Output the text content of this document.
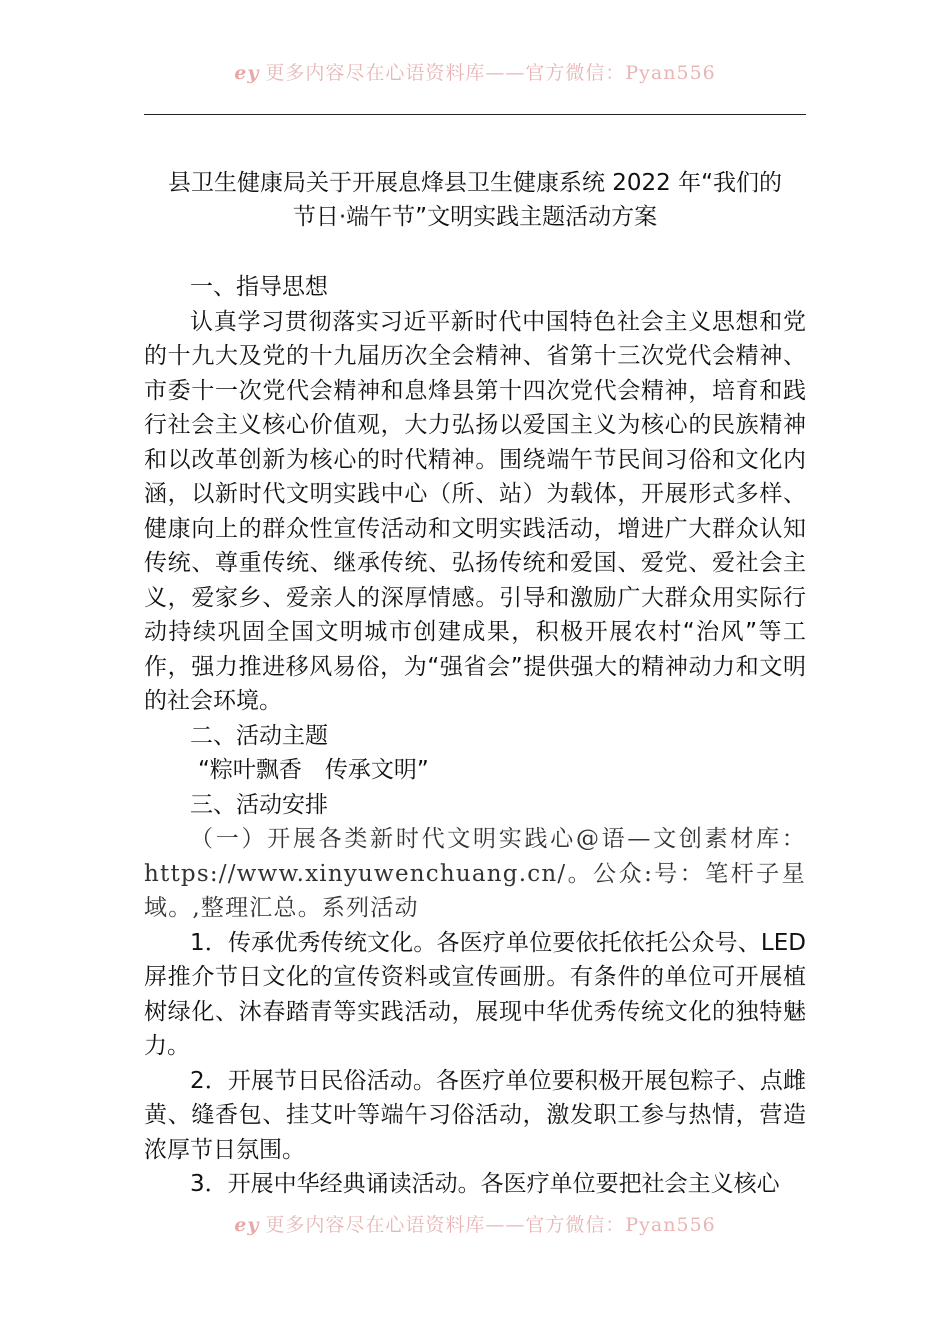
ey 更多内容尽在心语资料库——官方微信：Pyan556
县卫生健康局关于开展息烽县卫生健康系统 2022 年“我们的
节日·端午节”文明实践主题活动方案

一、指导思想

认真学习贯彻落实习近平新时代中国特色社会主义思想和党的十九大及党的十九届历次全会精神、省第十三次党代会精神、市委十一次党代会精神和息烽县第十四次党代会精神，培育和践行社会主义核心价值观，大力弘扬以爱国主义为核心的民族精神和以改革创新为核心的时代精神。围绕端午节民间习俗和文化内涵，以新时代文明实践中心（所、站）为载体，开展形式多样、健康向上的群众性宣传活动和文明实践活动，增进广大群众认知传统、尊重传统、继承传统、弘扬传统和爱国、爱党、爱社会主义，爱家乡、爱亲人的深厚情感。引导和激励广大群众用实际行动持续巩固全国文明城市创建成果，积极开展农村“治风”等工作，强力推进移风易俗，为“强省会”提供强大的精神动力和文明的社会环境。

二、活动主题

“粽叶飘香　传承文明”

三、活动安排

（一）开展各类新时代文明实践心@语—文创素材库：https://www.xinyuwenchuang.cn/。公众:号：笔杆子星域。,整理汇总。系列活动

1．传承优秀传统文化。各医疗单位要依托依托公众号、LED 屏推介节日文化的宣传资料或宣传画册。有条件的单位可开展植树绿化、沐春踏青等实践活动，展现中华优秀传统文化的独特魅力。

2．开展节日民俗活动。各医疗单位要积极开展包粽子、点雌黄、缝香包、挂艾叶等端午习俗活动，激发职工参与热情，营造浓厚节日氛围。

3．开展中华经典诵读活动。各医疗单位要把社会主义核心

ey 更多内容尽在心语资料库——官方微信：Pyan556
